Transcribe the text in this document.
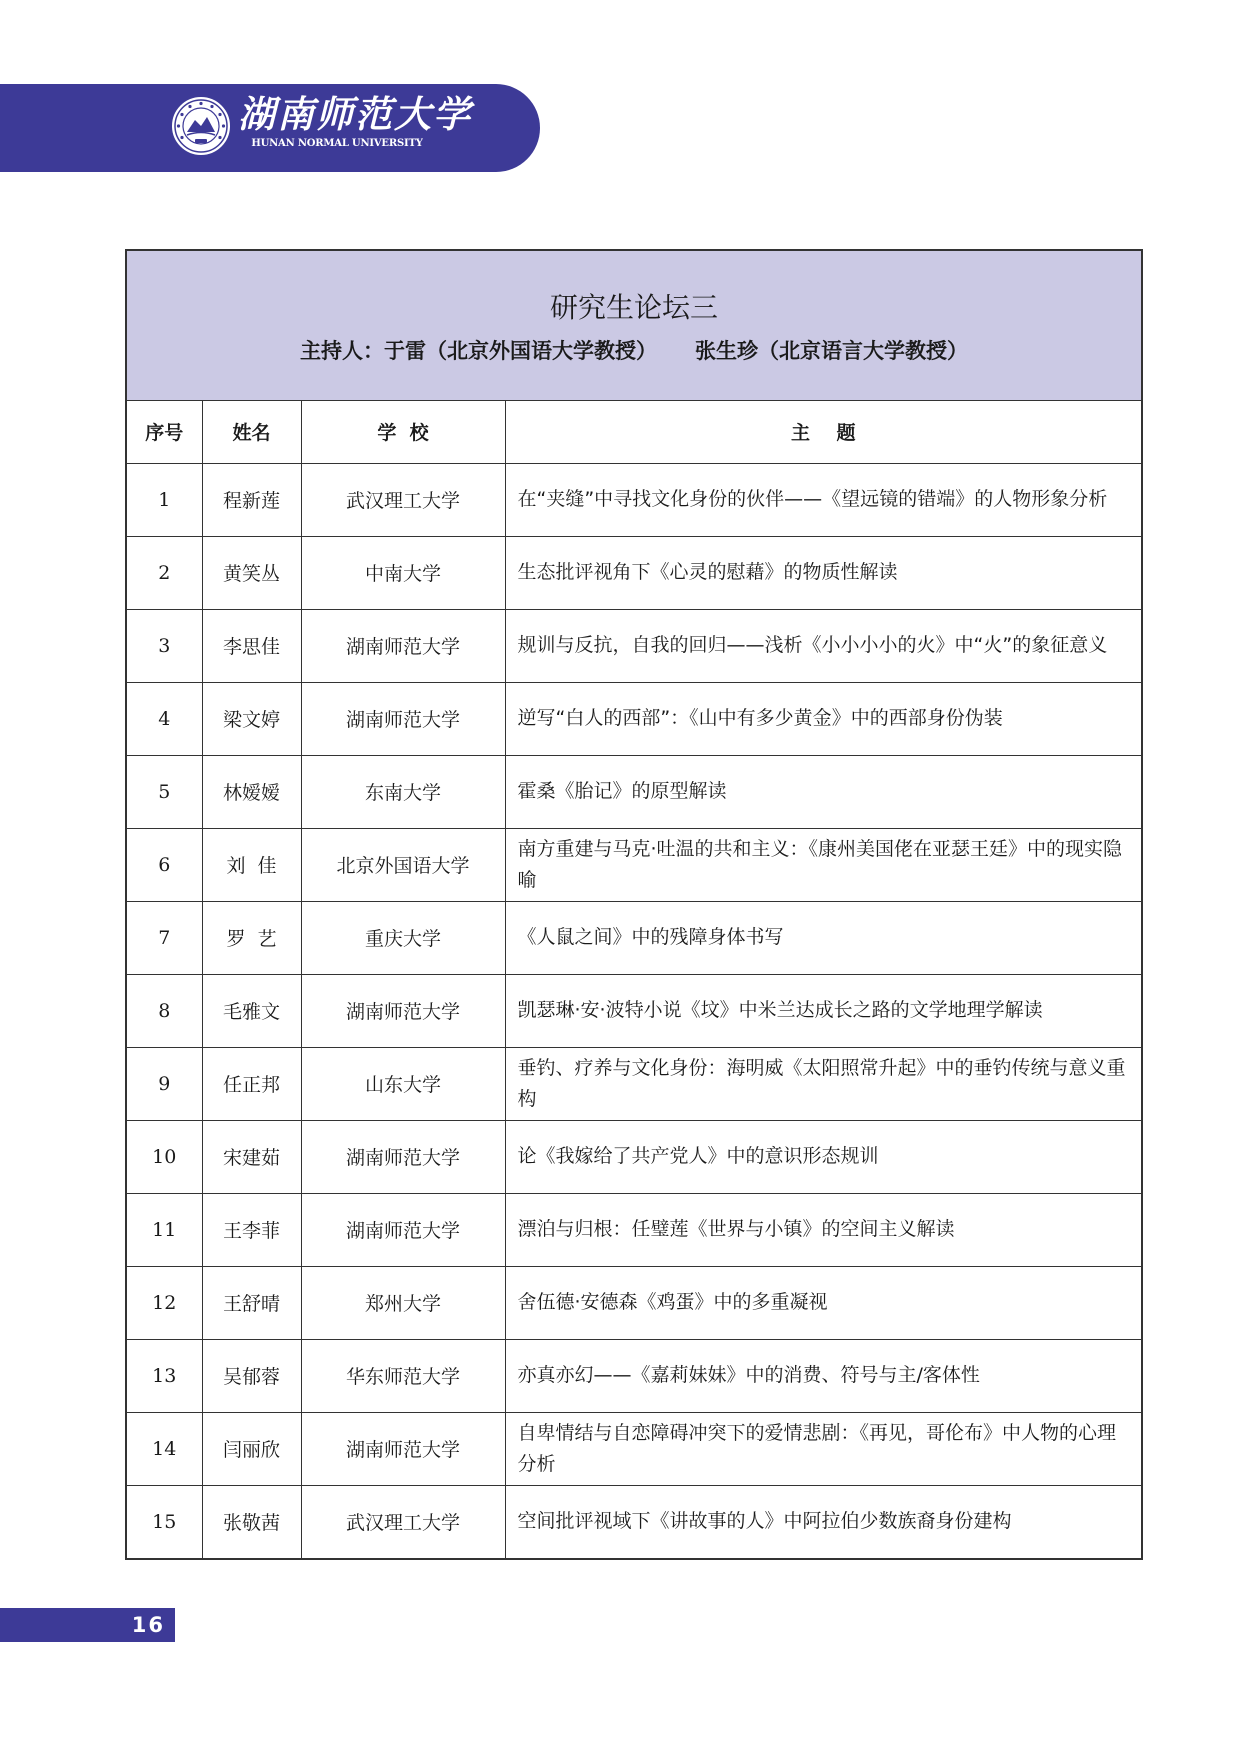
湖南师范大学
HUNAN NORMAL UNIVERSITY
研究生论坛三
主持人：于雷（北京外国语大学教授） 张生珍（北京语言大学教授）
序号	姓名	学  校	主    题
1	程新莲	武汉理工大学	在“夹缝”中寻找文化身份的伙伴——《望远镜的错端》的人物形象分析
2	黄笑丛	中南大学	生态批评视角下《心灵的慰藉》的物质性解读
3	李思佳	湖南师范大学	规训与反抗，自我的回归——浅析《小小小小的火》中“火”的象征意义
4	梁文婷	湖南师范大学	逆写“白人的西部”：《山中有多少黄金》中的西部身份伪装
5	林嫒嫒	东南大学	霍桑《胎记》的原型解读
6	刘  佳	北京外国语大学	南方重建与马克·吐温的共和主义：《康州美国佬在亚瑟王廷》中的现实隐喻
7	罗  艺	重庆大学	《人鼠之间》中的残障身体书写
8	毛雅文	湖南师范大学	凯瑟琳·安·波特小说《坟》中米兰达成长之路的文学地理学解读
9	任正邦	山东大学	垂钓、疗养与文化身份：海明威《太阳照常升起》中的垂钓传统与意义重构
10	宋建茹	湖南师范大学	论《我嫁给了共产党人》中的意识形态规训
11	王李菲	湖南师范大学	漂泊与归根：任璧莲《世界与小镇》的空间主义解读
12	王舒晴	郑州大学	舍伍德·安德森《鸡蛋》中的多重凝视
13	吴郁蓉	华东师范大学	亦真亦幻——《嘉莉妹妹》中的消费、符号与主/客体性
14	闫丽欣	湖南师范大学	自卑情结与自恋障碍冲突下的爱情悲剧：《再见，哥伦布》中人物的心理分析
15	张敬茜	武汉理工大学	空间批评视域下《讲故事的人》中阿拉伯少数族裔身份建构
16
